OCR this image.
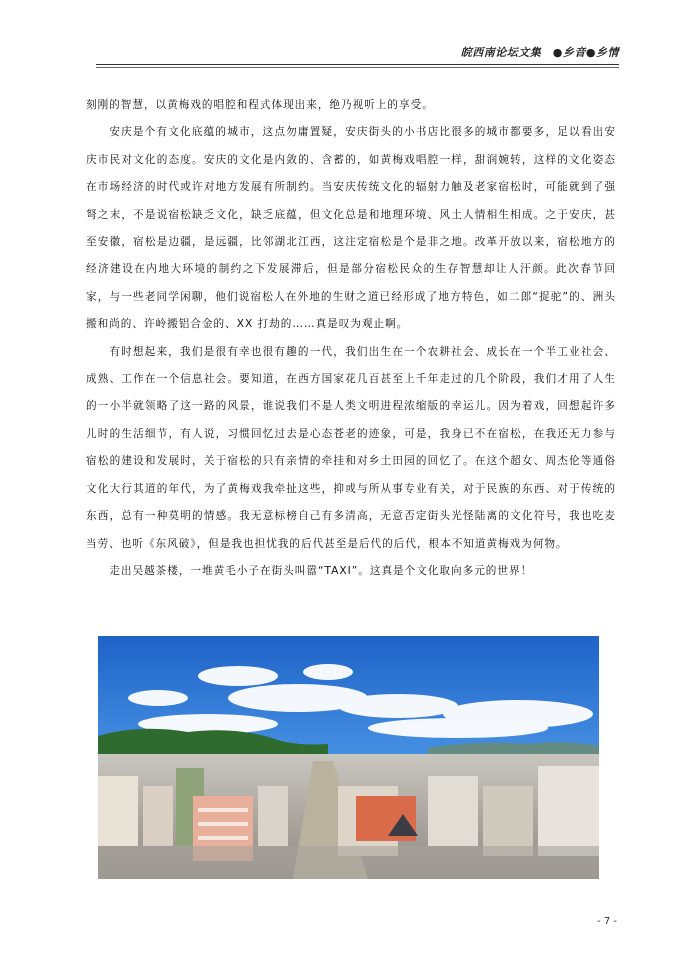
皖西南论坛文集　●乡音●乡情

刻刚的智慧，以黄梅戏的唱腔和程式体现出来，绝乃视听上的享受。

安庆是个有文化底蕴的城市，这点勿庸置疑，安庆街头的小书店比很多的城市都要多，足以看出安庆市民对文化的态度。安庆的文化是内敛的、含蓄的，如黄梅戏唱腔一样，甜润婉转，这样的文化姿态在市场经济的时代或许对地方发展有所制约。当安庆传统文化的辐射力触及老家宿松时，可能就到了强弩之末，不是说宿松缺乏文化，缺乏底蕴，但文化总是和地理环境、风土人情相生相成。之于安庆，甚至安徽，宿松是边疆，是远疆，比邻湖北江西，这注定宿松是个是非之地。改革开放以来，宿松地方的经济建设在内地大环境的制约之下发展滞后，但是部分宿松民众的生存智慧却让人汗颜。此次春节回家，与一些老同学闲聊，他们说宿松人在外地的生财之道已经形成了地方特色，如二郎“捉驼”的、洲头搬和尚的、许岭搬铝合金的、XX 打劫的……真是叹为观止啊。

有时想起来，我们是很有幸也很有趣的一代，我们出生在一个农耕社会、成长在一个半工业社会、成熟、工作在一个信息社会。要知道，在西方国家花几百甚至上千年走过的几个阶段，我们才用了人生的一小半就领略了这一路的风景，谁说我们不是人类文明进程浓缩版的幸运儿。因为着戏，回想起许多儿时的生活细节，有人说，习惯回忆过去是心态苍老的迹象，可是，我身已不在宿松，在我还无力参与宿松的建设和发展时，关于宿松的只有亲情的牵挂和对乡土田园的回忆了。在这个超女、周杰伦等通俗文化大行其道的年代，为了黄梅戏我牵扯这些，抑或与所从事专业有关，对于民族的东西、对于传统的东西，总有一种莫明的情感。我无意标榜自己有多清高，无意否定街头光怪陆离的文化符号，我也吃麦当劳、也听《东风破》，但是我也担忧我的后代甚至是后代的后代，根本不知道黄梅戏为何物。

走出吴越茶楼，一堆黄毛小子在街头叫嚣“TAXI”。这真是个文化取向多元的世界！

- 7 -
